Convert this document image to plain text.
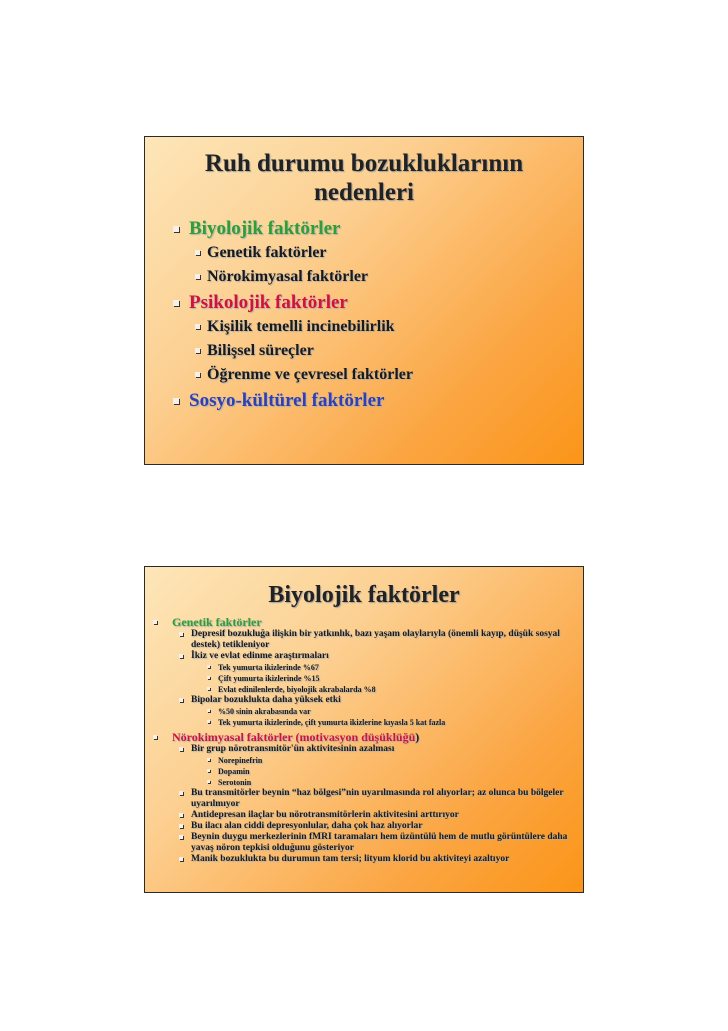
Ruh durumu bozukluklarının
nedenleri
Biyolojik faktörler
Genetik faktörler
Nörokimyasal faktörler
Psikolojik faktörler
Kişilik temelli incinebilirlik
Bilişsel süreçler
Öğrenme ve çevresel faktörler
Sosyo-kültürel faktörler
Biyolojik faktörler
Genetik faktörler
Depresif bozukluğa ilişkin bir yatkınlık, bazı yaşam olaylarıyla (önemli kayıp, düşük sosyal destek) tetikleniyor
İkiz ve evlat edinme araştırmaları
Tek yumurta ikizlerinde %67
Çift yumurta ikizlerinde %15
Evlat edinilenlerde, biyolojik akrabalarda %8
Bipolar bozuklukta daha yüksek etki
%50 sinin akrabasında var
Tek yumurta ikizlerinde, çift yumurta ikizlerine kıyasla 5 kat fazla
Nörokimyasal faktörler (motivasyon düşüklüğü)
Bir grup nörotransmitör'ün aktivitesinin azalması
Norepinefrin
Dopamin
Serotonin
Bu transmitörler beynin “haz bölgesi”nin uyarılmasında rol alıyorlar; az olunca bu bölgeler uyarılmıyor
Antidepresan ilaçlar bu nörotransmitörlerin aktivitesini arttırıyor
Bu ilacı alan ciddi depresyonlular, daha çok haz alıyorlar
Beynin duygu merkezlerinin fMRI taramaları hem üzüntülü hem de mutlu görüntülere daha yavaş nöron tepkisi olduğunu gösteriyor
Manik bozuklukta bu durumun tam tersi; lityum klorid bu aktiviteyi azaltıyor
